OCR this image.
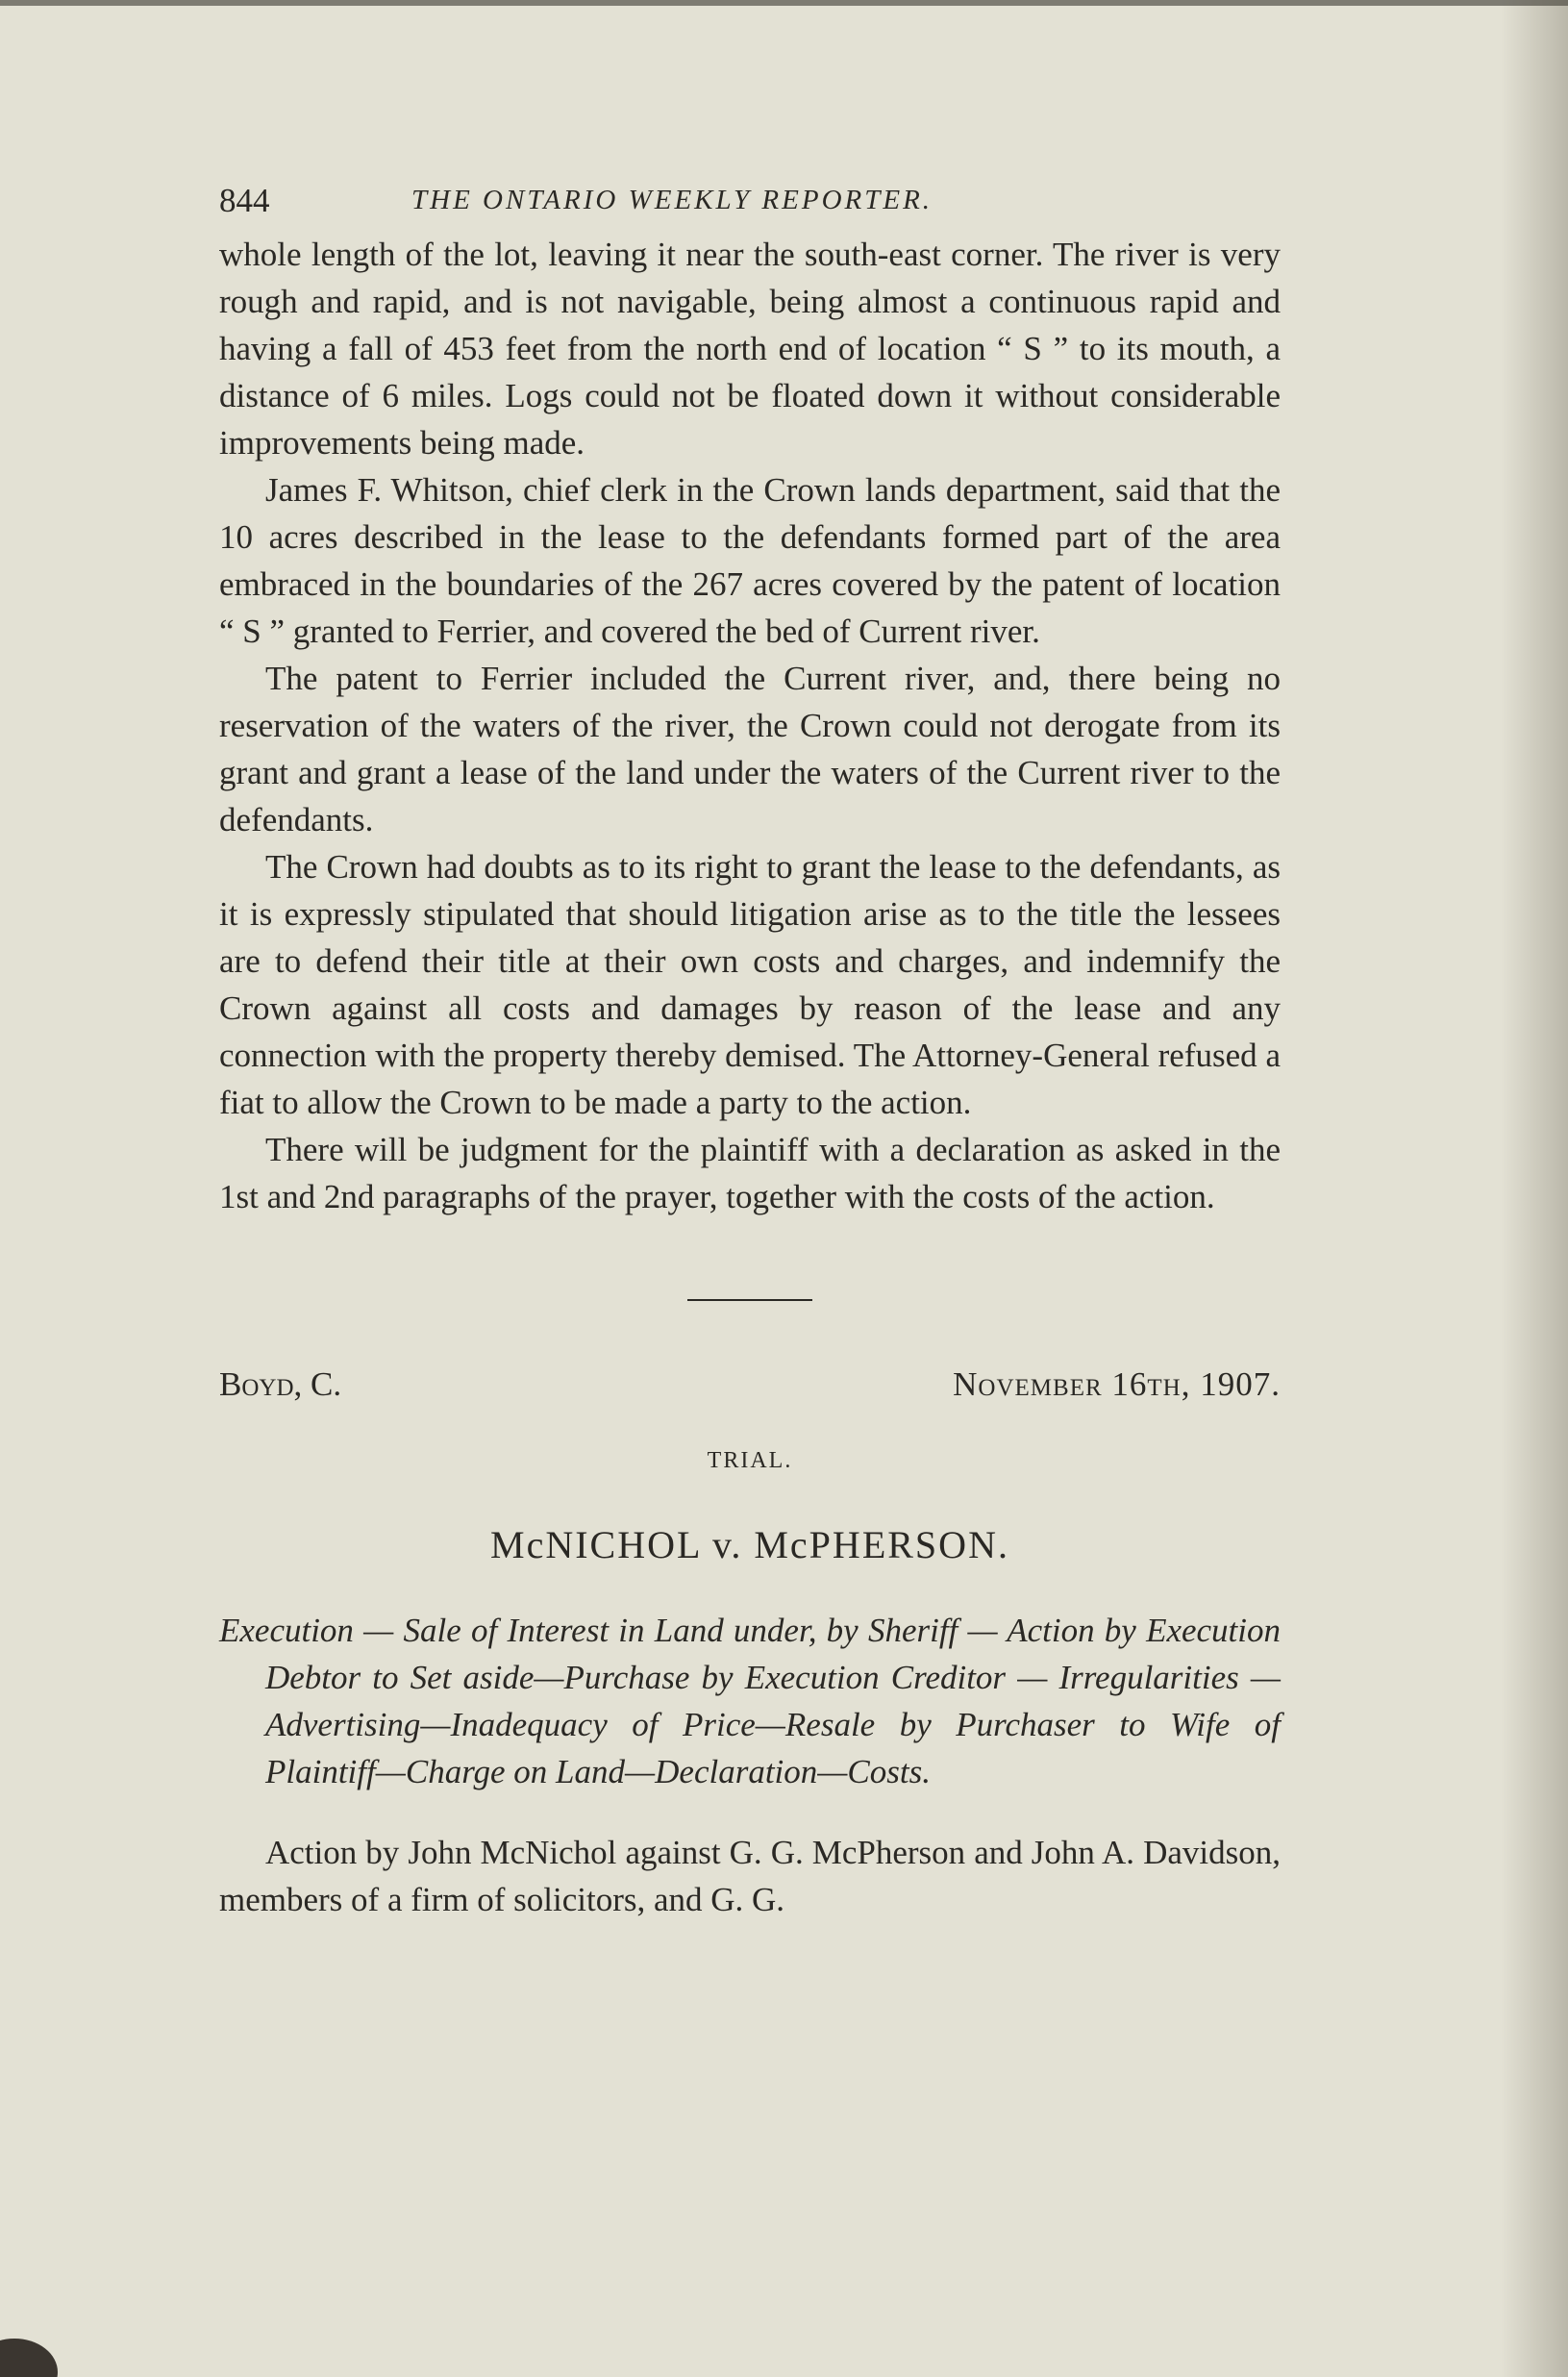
844	THE ONTARIO WEEKLY REPORTER.

whole length of the lot, leaving it near the south-east corner. The river is very rough and rapid, and is not navigable, being almost a continuous rapid and having a fall of 453 feet from the north end of location “ S ” to its mouth, a distance of 6 miles. Logs could not be floated down it without considerable improvements being made.

James F. Whitson, chief clerk in the Crown lands department, said that the 10 acres described in the lease to the defendants formed part of the area embraced in the boundaries of the 267 acres covered by the patent of location “ S ” granted to Ferrier, and covered the bed of Current river.

The patent to Ferrier included the Current river, and, there being no reservation of the waters of the river, the Crown could not derogate from its grant and grant a lease of the land under the waters of the Current river to the defendants.

The Crown had doubts as to its right to grant the lease to the defendants, as it is expressly stipulated that should litigation arise as to the title the lessees are to defend their title at their own costs and charges, and indemnify the Crown against all costs and damages by reason of the lease and any connection with the property thereby demised. The Attorney-General refused a fiat to allow the Crown to be made a party to the action.

There will be judgment for the plaintiff with a declaration as asked in the 1st and 2nd paragraphs of the prayer, together with the costs of the action.

Boyd, C.	November 16th, 1907.
TRIAL.
McNICHOL v. McPHERSON.

Execution — Sale of Interest in Land under, by Sheriff — Action by Execution Debtor to Set aside—Purchase by Execution Creditor — Irregularities — Advertising—Inadequacy of Price—Resale by Purchaser to Wife of Plaintiff—Charge on Land—Declaration—Costs.

Action by John McNichol against G. G. McPherson and John A. Davidson, members of a firm of solicitors, and G. G.
